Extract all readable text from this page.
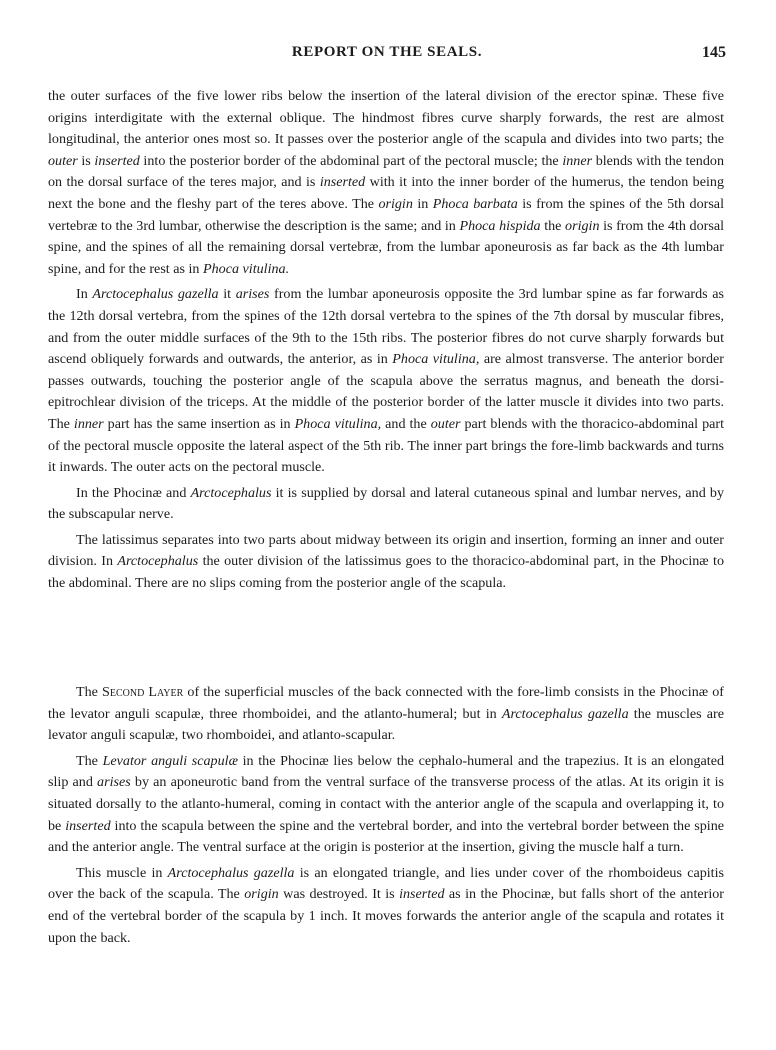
REPORT ON THE SEALS.	145

the outer surfaces of the five lower ribs below the insertion of the lateral division of the erector spinæ. These five origins interdigitate with the external oblique. The hindmost fibres curve sharply forwards, the rest are almost longitudinal, the anterior ones most so. It passes over the posterior angle of the scapula and divides into two parts; the outer is inserted into the posterior border of the abdominal part of the pectoral muscle; the inner blends with the tendon on the dorsal surface of the teres major, and is inserted with it into the inner border of the humerus, the tendon being next the bone and the fleshy part of the teres above. The origin in Phoca barbata is from the spines of the 5th dorsal vertebræ to the 3rd lumbar, otherwise the description is the same; and in Phoca hispida the origin is from the 4th dorsal spine, and the spines of all the remaining dorsal vertebræ, from the lumbar aponeurosis as far back as the 4th lumbar spine, and for the rest as in Phoca vitulina.

In Arctocephalus gazella it arises from the lumbar aponeurosis opposite the 3rd lumbar spine as far forwards as the 12th dorsal vertebra, from the spines of the 12th dorsal vertebra to the spines of the 7th dorsal by muscular fibres, and from the outer middle surfaces of the 9th to the 15th ribs. The posterior fibres do not curve sharply forwards but ascend obliquely forwards and outwards, the anterior, as in Phoca vitulina, are almost transverse. The anterior border passes outwards, touching the posterior angle of the scapula above the serratus magnus, and beneath the dorsi-epitrochlear division of the triceps. At the middle of the posterior border of the latter muscle it divides into two parts. The inner part has the same insertion as in Phoca vitulina, and the outer part blends with the thoracico-abdominal part of the pectoral muscle opposite the lateral aspect of the 5th rib. The inner part brings the fore-limb backwards and turns it inwards. The outer acts on the pectoral muscle.

In the Phocinæ and Arctocephalus it is supplied by dorsal and lateral cutaneous spinal and lumbar nerves, and by the subscapular nerve.

The latissimus separates into two parts about midway between its origin and insertion, forming an inner and outer division. In Arctocephalus the outer division of the latissimus goes to the thoracico-abdominal part, in the Phocinæ to the abdominal. There are no slips coming from the posterior angle of the scapula.

The Second Layer of the superficial muscles of the back connected with the fore-limb consists in the Phocinæ of the levator anguli scapulæ, three rhomboidei, and the atlanto-humeral; but in Arctocephalus gazella the muscles are levator anguli scapulæ, two rhomboidei, and atlanto-scapular.

The Levator anguli scapulæ in the Phocinæ lies below the cephalo-humeral and the trapezius. It is an elongated slip and arises by an aponeurotic band from the ventral surface of the transverse process of the atlas. At its origin it is situated dorsally to the atlanto-humeral, coming in contact with the anterior angle of the scapula and overlapping it, to be inserted into the scapula between the spine and the vertebral border, and into the vertebral border between the spine and the anterior angle. The ventral surface at the origin is posterior at the insertion, giving the muscle half a turn.

This muscle in Arctocephalus gazella is an elongated triangle, and lies under cover of the rhomboideus capitis over the back of the scapula. The origin was destroyed. It is inserted as in the Phocinæ, but falls short of the anterior end of the vertebral border of the scapula by 1 inch. It moves forwards the anterior angle of the scapula and rotates it upon the back.
